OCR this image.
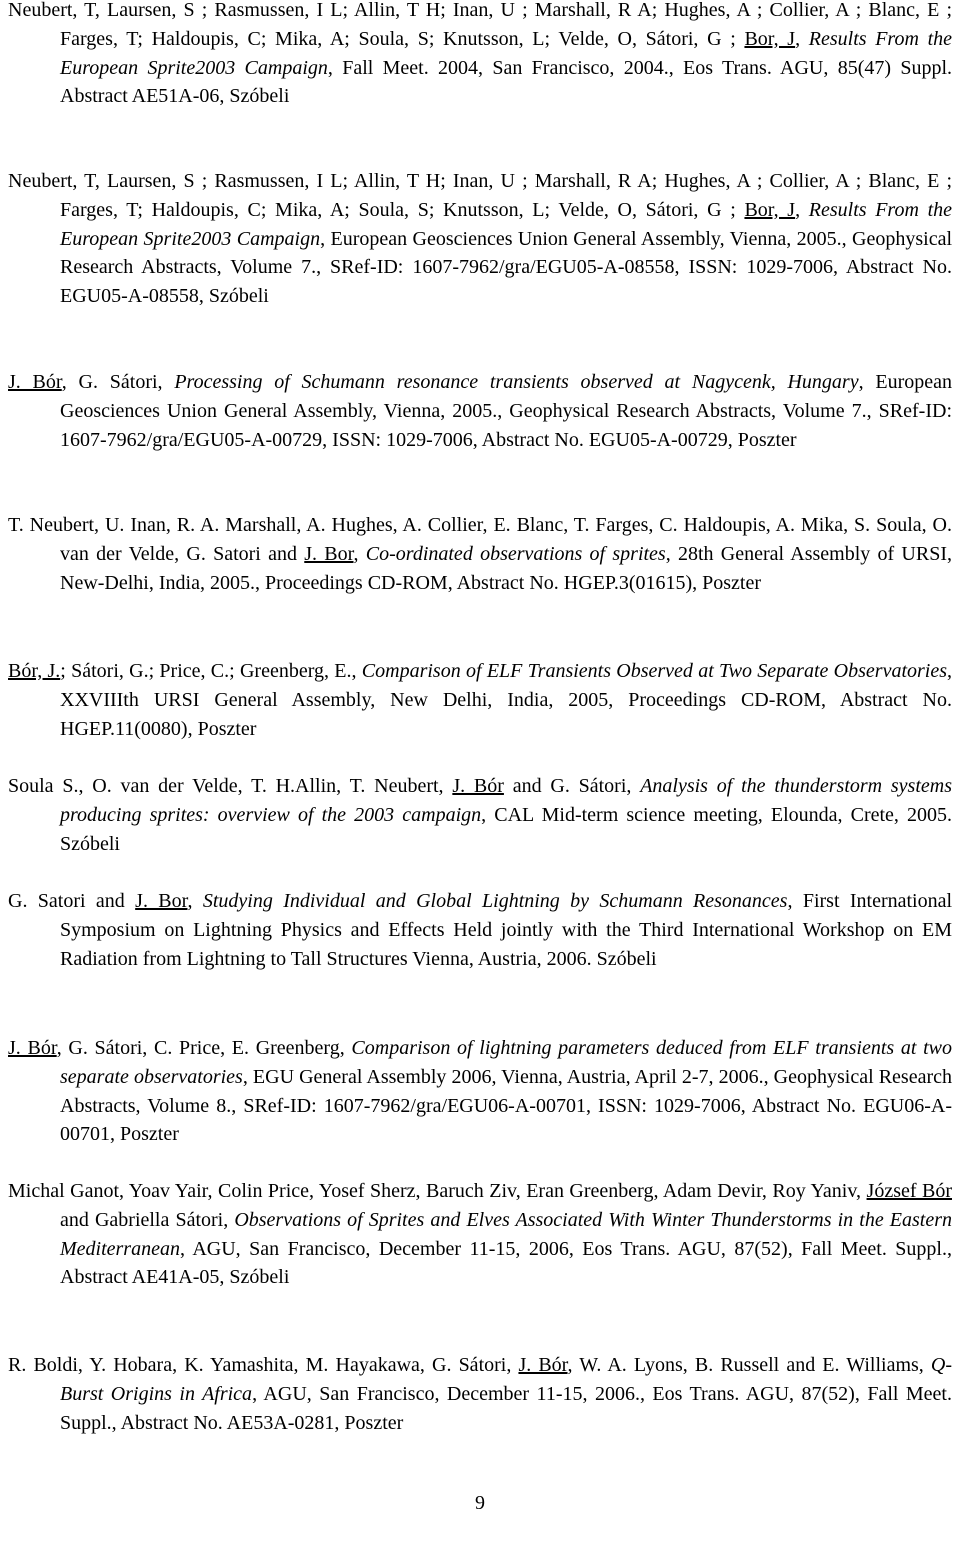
Neubert, T, Laursen, S ; Rasmussen, I L; Allin, T H; Inan, U ; Marshall, R A; Hughes, A ; Collier, A ; Blanc, E ; Farges, T; Haldoupis, C; Mika, A; Soula, S; Knutsson, L; Velde, O, Sátori, G ; Bor, J, Results From the European Sprite2003 Campaign, Fall Meet. 2004, San Francisco, 2004., Eos Trans. AGU, 85(47) Suppl. Abstract AE51A-06, Szóbeli

Neubert, T, Laursen, S ; Rasmussen, I L; Allin, T H; Inan, U ; Marshall, R A; Hughes, A ; Collier, A ; Blanc, E ; Farges, T; Haldoupis, C; Mika, A; Soula, S; Knutsson, L; Velde, O, Sátori, G ; Bor, J, Results From the European Sprite2003 Campaign, European Geosciences Union General Assembly, Vienna, 2005., Geophysical Research Abstracts, Volume 7., SRef-ID: 1607-7962/gra/EGU05-A-08558, ISSN: 1029-7006, Abstract No. EGU05-A-08558, Szóbeli

J. Bór, G. Sátori, Processing of Schumann resonance transients observed at Nagycenk, Hungary, European Geosciences Union General Assembly, Vienna, 2005., Geophysical Research Abstracts, Volume 7., SRef-ID: 1607-7962/gra/EGU05-A-00729, ISSN: 1029-7006, Abstract No. EGU05-A-00729, Poszter

T. Neubert, U. Inan, R. A. Marshall, A. Hughes, A. Collier, E. Blanc, T. Farges, C. Haldoupis, A. Mika, S. Soula, O. van der Velde, G. Satori and J. Bor, Co-ordinated observations of sprites, 28th General Assembly of URSI, New-Delhi, India, 2005., Proceedings CD-ROM, Abstract No. HGEP.3(01615), Poszter

Bór, J.; Sátori, G.; Price, C.; Greenberg, E., Comparison of ELF Transients Observed at Two Separate Observatories, XXVIIIth URSI General Assembly, New Delhi, India, 2005, Proceedings CD-ROM, Abstract No. HGEP.11(0080), Poszter

Soula S., O. van der Velde, T. H.Allin, T. Neubert, J. Bór and G. Sátori, Analysis of the thunderstorm systems producing sprites: overview of the 2003 campaign, CAL Mid-term science meeting, Elounda, Crete, 2005. Szóbeli

G. Satori and J. Bor, Studying Individual and Global Lightning by Schumann Resonances, First International Symposium on Lightning Physics and Effects Held jointly with the Third International Workshop on EM Radiation from Lightning to Tall Structures Vienna, Austria, 2006. Szóbeli

J. Bór, G. Sátori, C. Price, E. Greenberg, Comparison of lightning parameters deduced from ELF transients at two separate observatories, EGU General Assembly 2006, Vienna, Austria, April 2-7, 2006., Geophysical Research Abstracts, Volume 8., SRef-ID: 1607-7962/gra/EGU06-A-00701, ISSN: 1029-7006, Abstract No. EGU06-A-00701, Poszter

Michal Ganot, Yoav Yair, Colin Price, Yosef Sherz, Baruch Ziv, Eran Greenberg, Adam Devir, Roy Yaniv, József Bór and Gabriella Sátori, Observations of Sprites and Elves Associated With Winter Thunderstorms in the Eastern Mediterranean, AGU, San Francisco, December 11-15, 2006, Eos Trans. AGU, 87(52), Fall Meet. Suppl., Abstract AE41A-05, Szóbeli

R. Boldi, Y. Hobara, K. Yamashita, M. Hayakawa, G. Sátori, J. Bór, W. A. Lyons, B. Russell and E. Williams, Q-Burst Origins in Africa, AGU, San Francisco, December 11-15, 2006., Eos Trans. AGU, 87(52), Fall Meet. Suppl., Abstract No. AE53A-0281, Poszter

9
